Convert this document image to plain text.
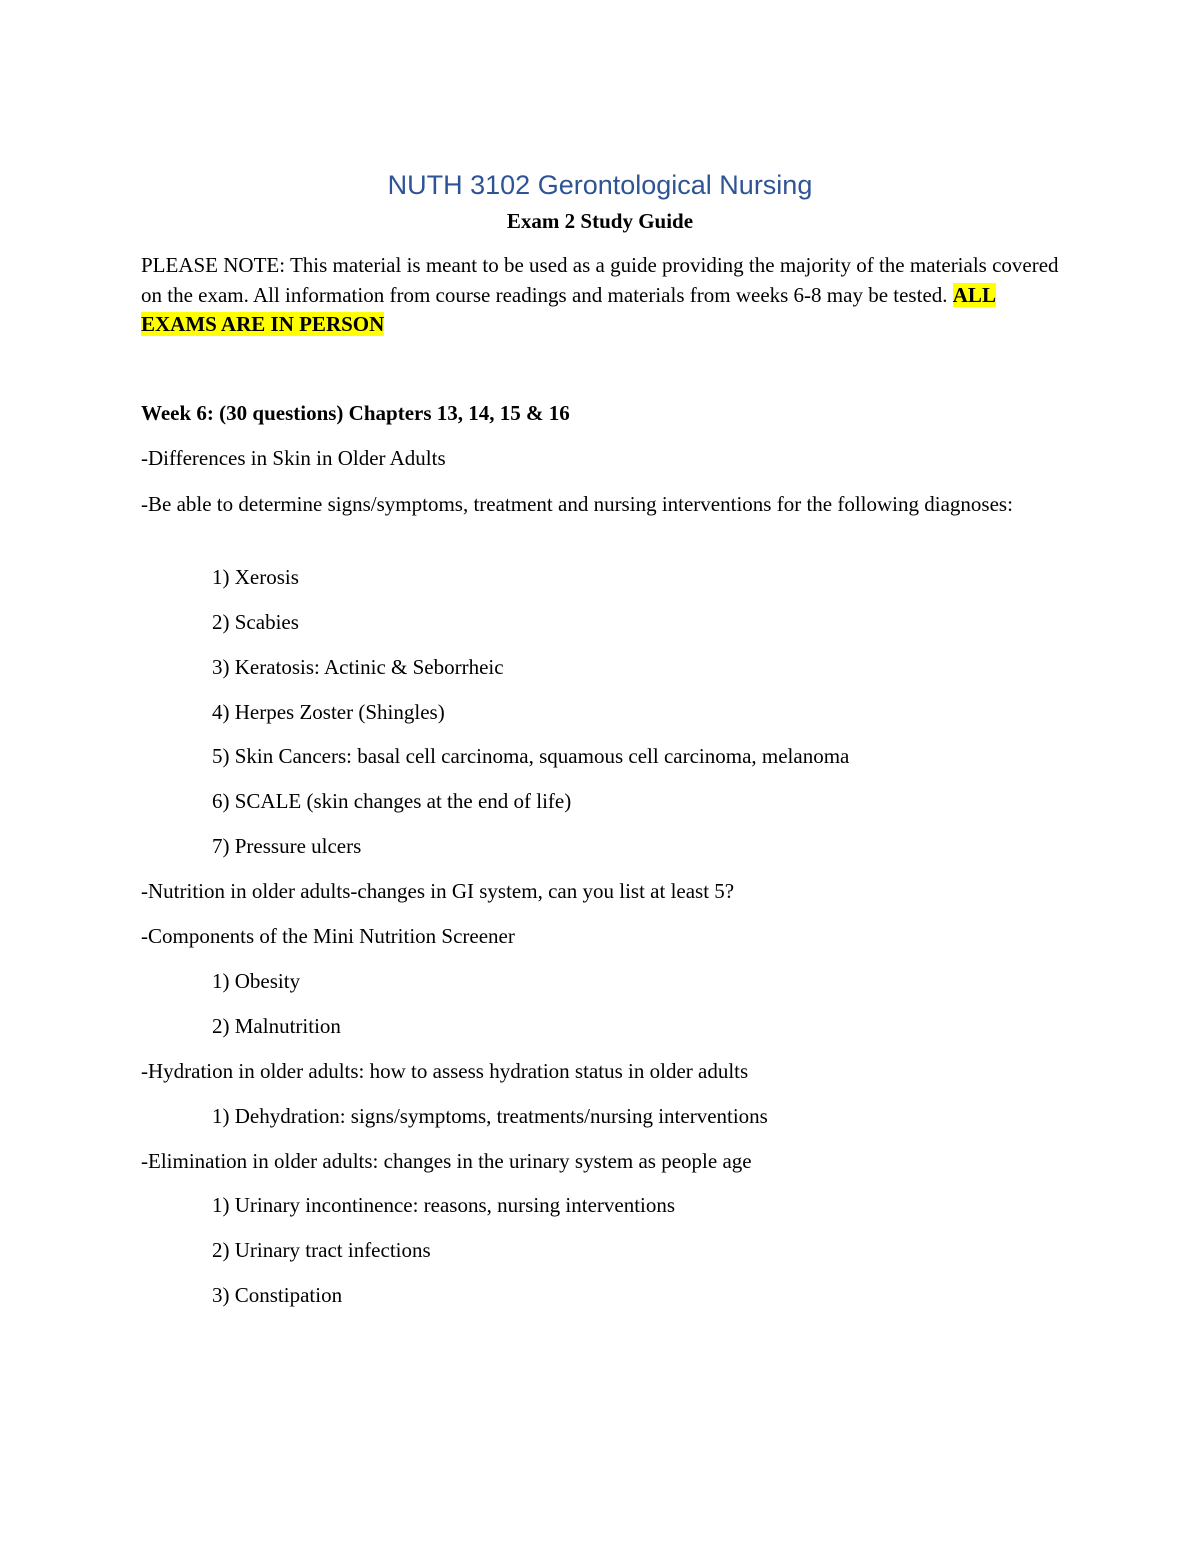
NUTH 3102 Gerontological Nursing
Exam 2 Study Guide
PLEASE NOTE: This material is meant to be used as a guide providing the majority of the materials covered on the exam. All information from course readings and materials from weeks 6-8 may be tested. ALL EXAMS ARE IN PERSON
Week 6: (30 questions) Chapters 13, 14, 15 & 16
-Differences in Skin in Older Adults
-Be able to determine signs/symptoms, treatment and nursing interventions for the following diagnoses:
1) Xerosis
2) Scabies
3) Keratosis: Actinic & Seborrheic
4) Herpes Zoster (Shingles)
5) Skin Cancers: basal cell carcinoma, squamous cell carcinoma, melanoma
6) SCALE (skin changes at the end of life)
7) Pressure ulcers
-Nutrition in older adults-changes in GI system, can you list at least 5?
-Components of the Mini Nutrition Screener
1) Obesity
2) Malnutrition
-Hydration in older adults: how to assess hydration status in older adults
1) Dehydration: signs/symptoms, treatments/nursing interventions
-Elimination in older adults: changes in the urinary system as people age
1) Urinary incontinence: reasons, nursing interventions
2) Urinary tract infections
3) Constipation
